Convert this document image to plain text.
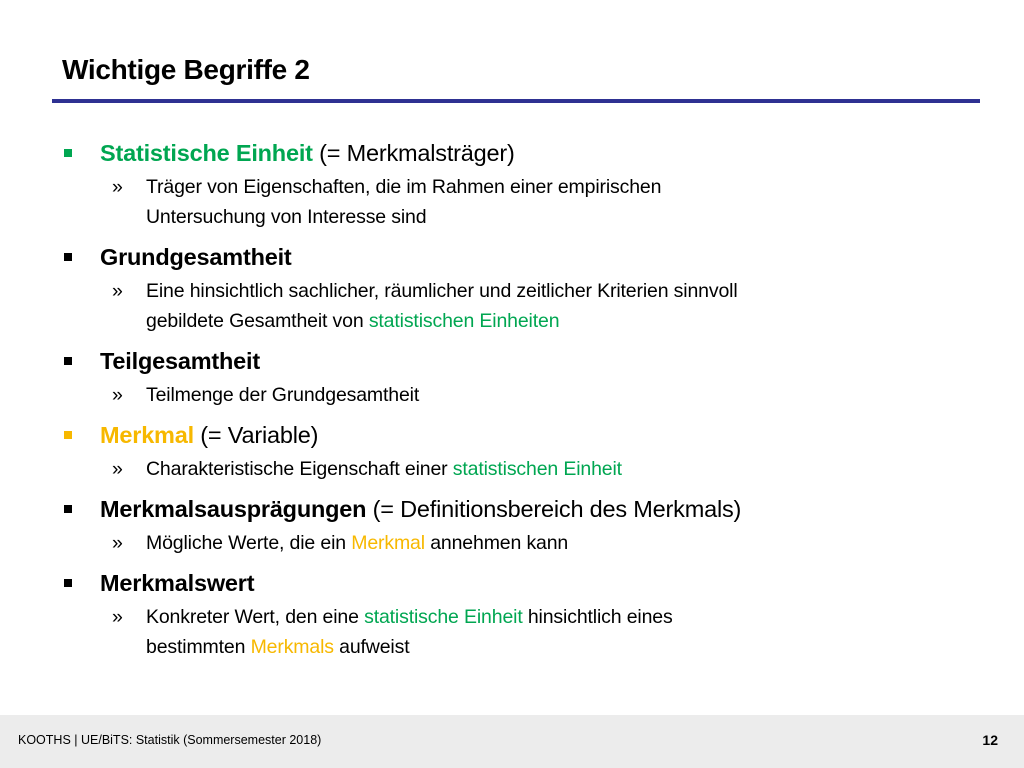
Wichtige Begriffe 2
Statistische Einheit (= Merkmalsträger)
» Träger von Eigenschaften, die im Rahmen einer empirischen
Untersuchung von Interesse sind
Grundgesamtheit
» Eine hinsichtlich sachlicher, räumlicher und zeitlicher Kriterien sinnvoll
gebildete Gesamtheit von statistischen Einheiten
Teilgesamtheit
» Teilmenge der Grundgesamtheit
Merkmal (= Variable)
» Charakteristische Eigenschaft einer statistischen Einheit
Merkmalsausprägungen (= Definitionsbereich des Merkmals)
» Mögliche Werte, die ein Merkmal annehmen kann
Merkmalswert
» Konkreter Wert, den eine statistische Einheit hinsichtlich eines
bestimmten Merkmals aufweist
KOOTHS | UE/BiTS: Statistik (Sommersemester 2018)	12
